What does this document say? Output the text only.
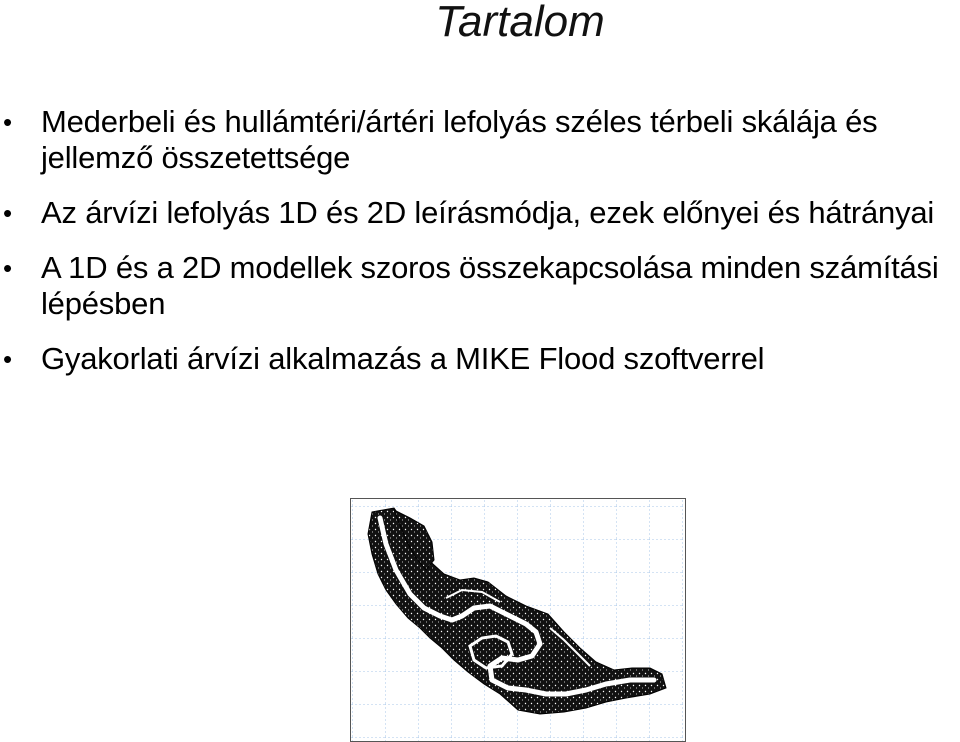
Tartalom
• Mederbeli és hullámtéri/ártéri lefolyás széles térbeli skálája és jellemző összetettsége
• Az árvízi lefolyás 1D és 2D leírásmódja, ezek előnyei és hátrányai
• A 1D és a 2D modellek szoros összekapcsolása minden számítási lépésben
• Gyakorlati árvízi alkalmazás a MIKE Flood szoftverrel
